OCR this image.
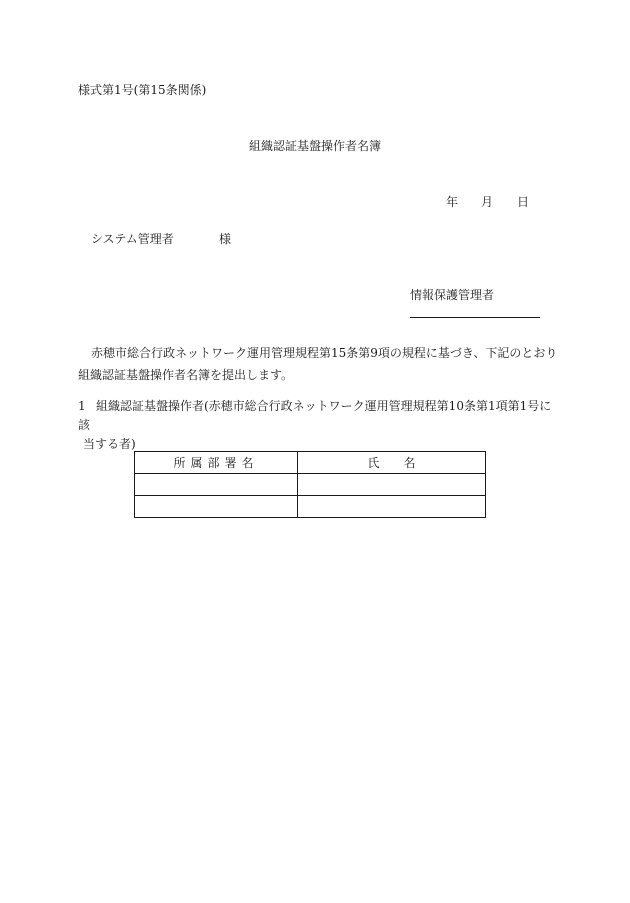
様式第1号(第15条関係)
組織認証基盤操作者名簿
年 月 日
システム管理者	様
情報保護管理者
赤穂市総合行政ネットワーク運用管理規程第15条第9項の規程に基づき、下記のとおり組織認証基盤操作者名簿を提出します。
1 組織認証基盤操作者(赤穂市総合行政ネットワーク運用管理規程第10条第1項第1号に該
当する者)
所属部署名	氏　　名
